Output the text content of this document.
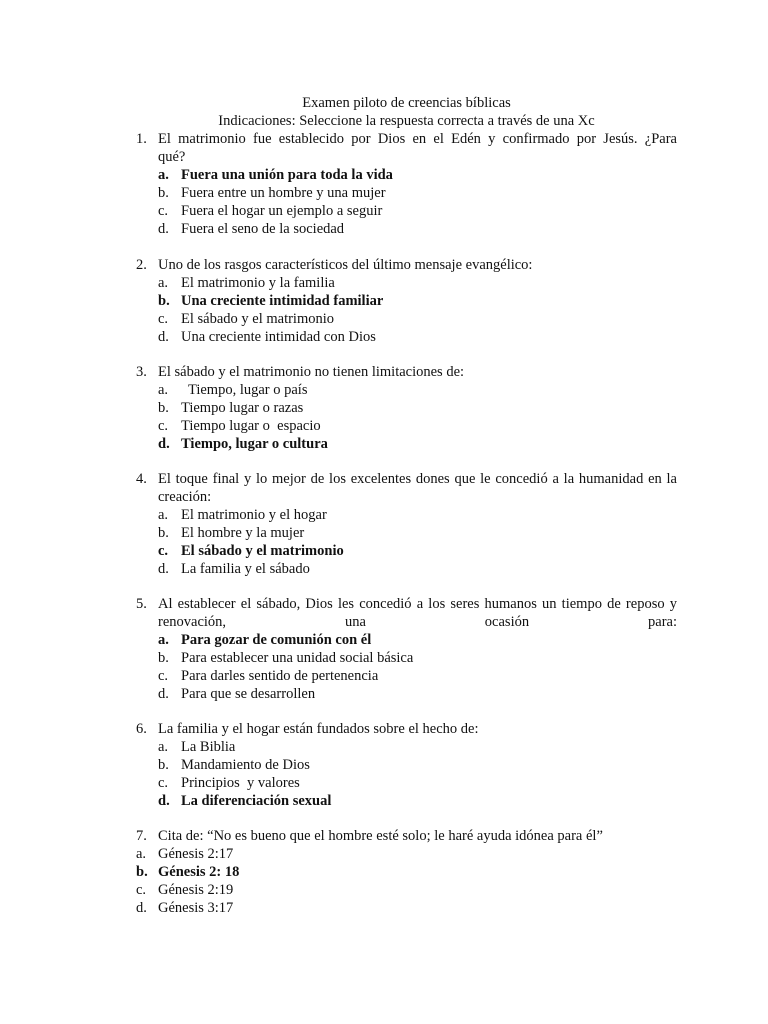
Examen piloto de creencias bíblicas
Indicaciones: Seleccione la respuesta correcta a través de una Xc
1. El matrimonio fue establecido por Dios en el Edén y confirmado por Jesús. ¿Para
qué?
a. Fuera una unión para toda la vida
b. Fuera entre un hombre y una mujer
c. Fuera el hogar un ejemplo a seguir
d. Fuera el seno de la sociedad
2. Uno de los rasgos característicos del último mensaje evangélico:
a. El matrimonio y la familia
b. Una creciente intimidad familiar
c. El sábado y el matrimonio
d. Una creciente intimidad con Dios
3. El sábado y el matrimonio no tienen limitaciones de:
a. Tiempo, lugar o país
b. Tiempo lugar o razas
c. Tiempo lugar o  espacio
d. Tiempo, lugar o cultura
4. El toque final y lo mejor de los excelentes dones que le concedió a la humanidad en la
creación:
a. El matrimonio y el hogar
b. El hombre y la mujer
c. El sábado y el matrimonio
d. La familia y el sábado
5. Al establecer el sábado, Dios les concedió a los seres humanos un tiempo de reposo y
renovación, una ocasión para:
a. Para gozar de comunión con él
b. Para establecer una unidad social básica
c. Para darles sentido de pertenencia
d. Para que se desarrollen
6. La familia y el hogar están fundados sobre el hecho de:
a. La Biblia
b. Mandamiento de Dios
c. Principios  y valores
d. La diferenciación sexual
7. Cita de: “No es bueno que el hombre esté solo; le haré ayuda idónea para él”
a. Génesis 2:17
b. Génesis 2: 18
c. Génesis 2:19
d. Génesis 3:17
